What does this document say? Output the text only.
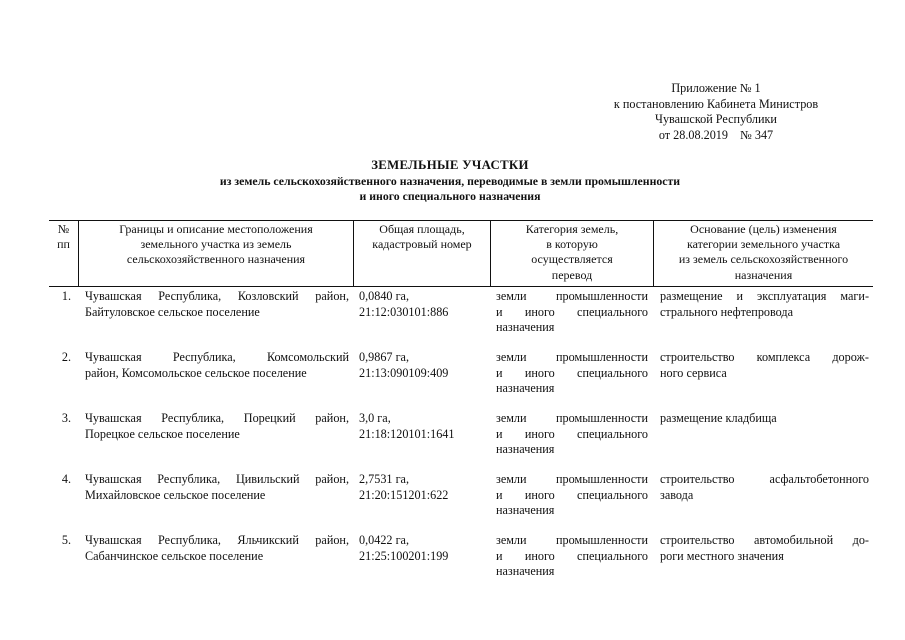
Приложение № 1
к постановлению Кабинета Министров
Чувашской Республики
от 28.08.2019    № 347
ЗЕМЕЛЬНЫЕ УЧАСТКИ
из земель сельскохозяйственного назначения, переводимые в земли промышленности
и иного специального назначения
№
пп
Границы и описание местоположения
земельного участка из земель
сельскохозяйственного назначения
Общая площадь,
кадастровый номер
Категория земель,
в которую
осуществляется
перевод
Основание (цель) изменения
категории земельного участка
из земель сельскохозяйственного
назначения
1. Чувашская Республика, Козловский район,
Байтуловское сельское поселение
0,0840 га,
21:12:030101:886
земли промышленности
и иного специального
назначения
размещение и эксплуатация маги-
стрального нефтепровода
2. Чувашская Республика, Комсомольский
район, Комсомольское сельское поселение
0,9867 га,
21:13:090109:409
земли промышленности
и иного специального
назначения
строительство комплекса дорож-
ного сервиса
3. Чувашская Республика, Порецкий район,
Порецкое сельское поселение
3,0 га,
21:18:120101:1641
земли промышленности
и иного специального
назначения
размещение кладбища
4. Чувашская Республика, Цивильский район,
Михайловское сельское поселение
2,7531 га,
21:20:151201:622
земли промышленности
и иного специального
назначения
строительство асфальтобетонного
завода
5. Чувашская Республика, Яльчикский район,
Сабанчинское сельское поселение
0,0422 га,
21:25:100201:199
земли промышленности
и иного специального
назначения
строительство автомобильной до-
роги местного значения
